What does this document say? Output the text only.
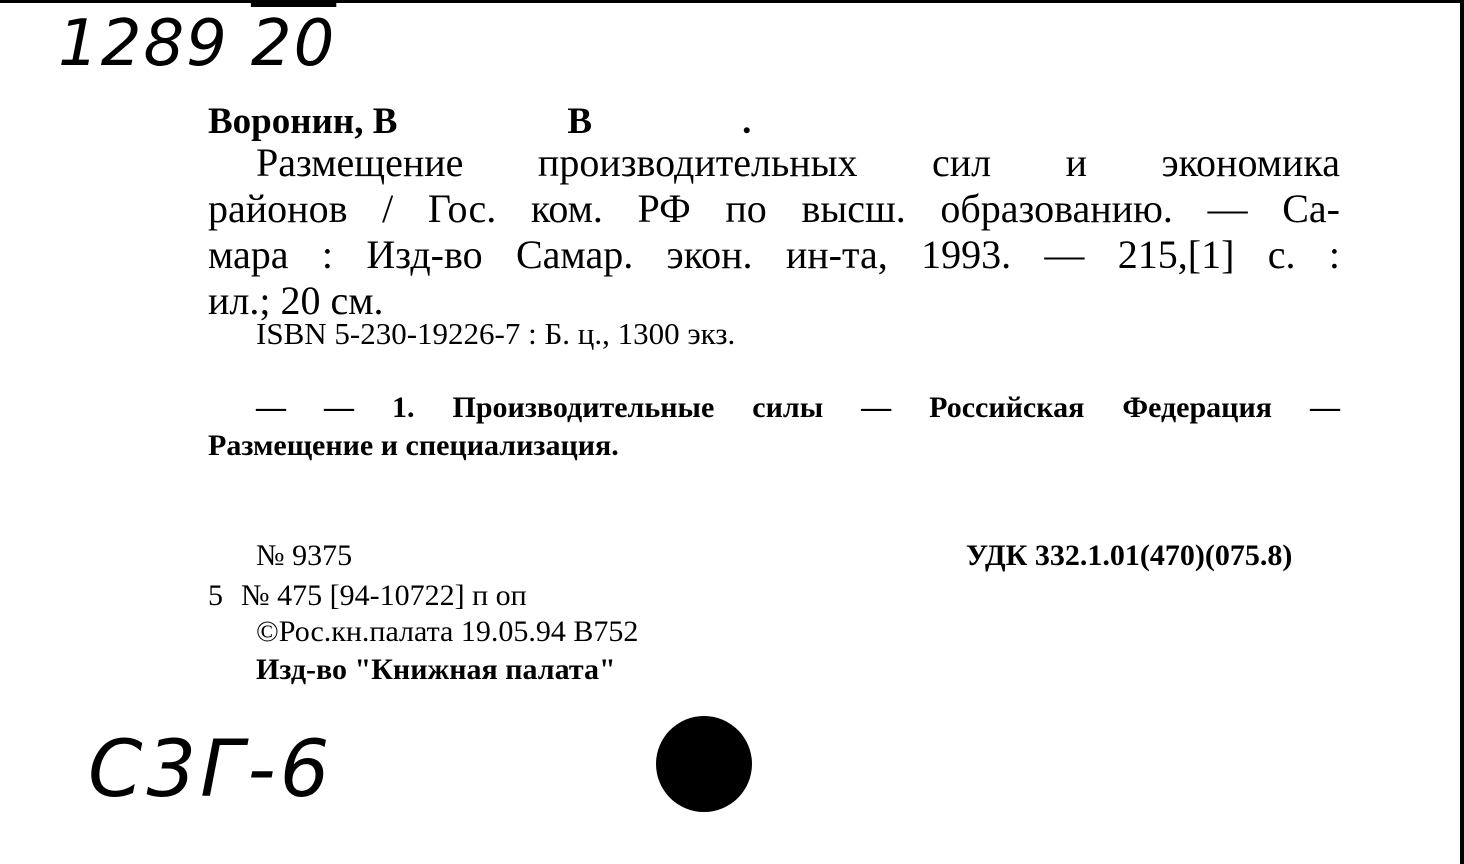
1289 20
Воронин, В	В	.
Размещение производительных сил и экономика
районов / Гос. ком. РФ по высш. образованию. — Са-
мара : Изд-во Самар. экон. ин-та, 1993. — 215,[1] с. :
ил.; 20 см.
ISBN 5-230-19226-7 : Б. ц., 1300 экз.
— — 1. Производительные силы — Российская Федерация —
Размещение и специализация.
№ 9375	УДК 332.1.01(470)(075.8)
5 № 475 [94-10722] п оп
©Рос.кн.палата 19.05.94 В752
Изд-во "Книжная палата"
С3Г-6
